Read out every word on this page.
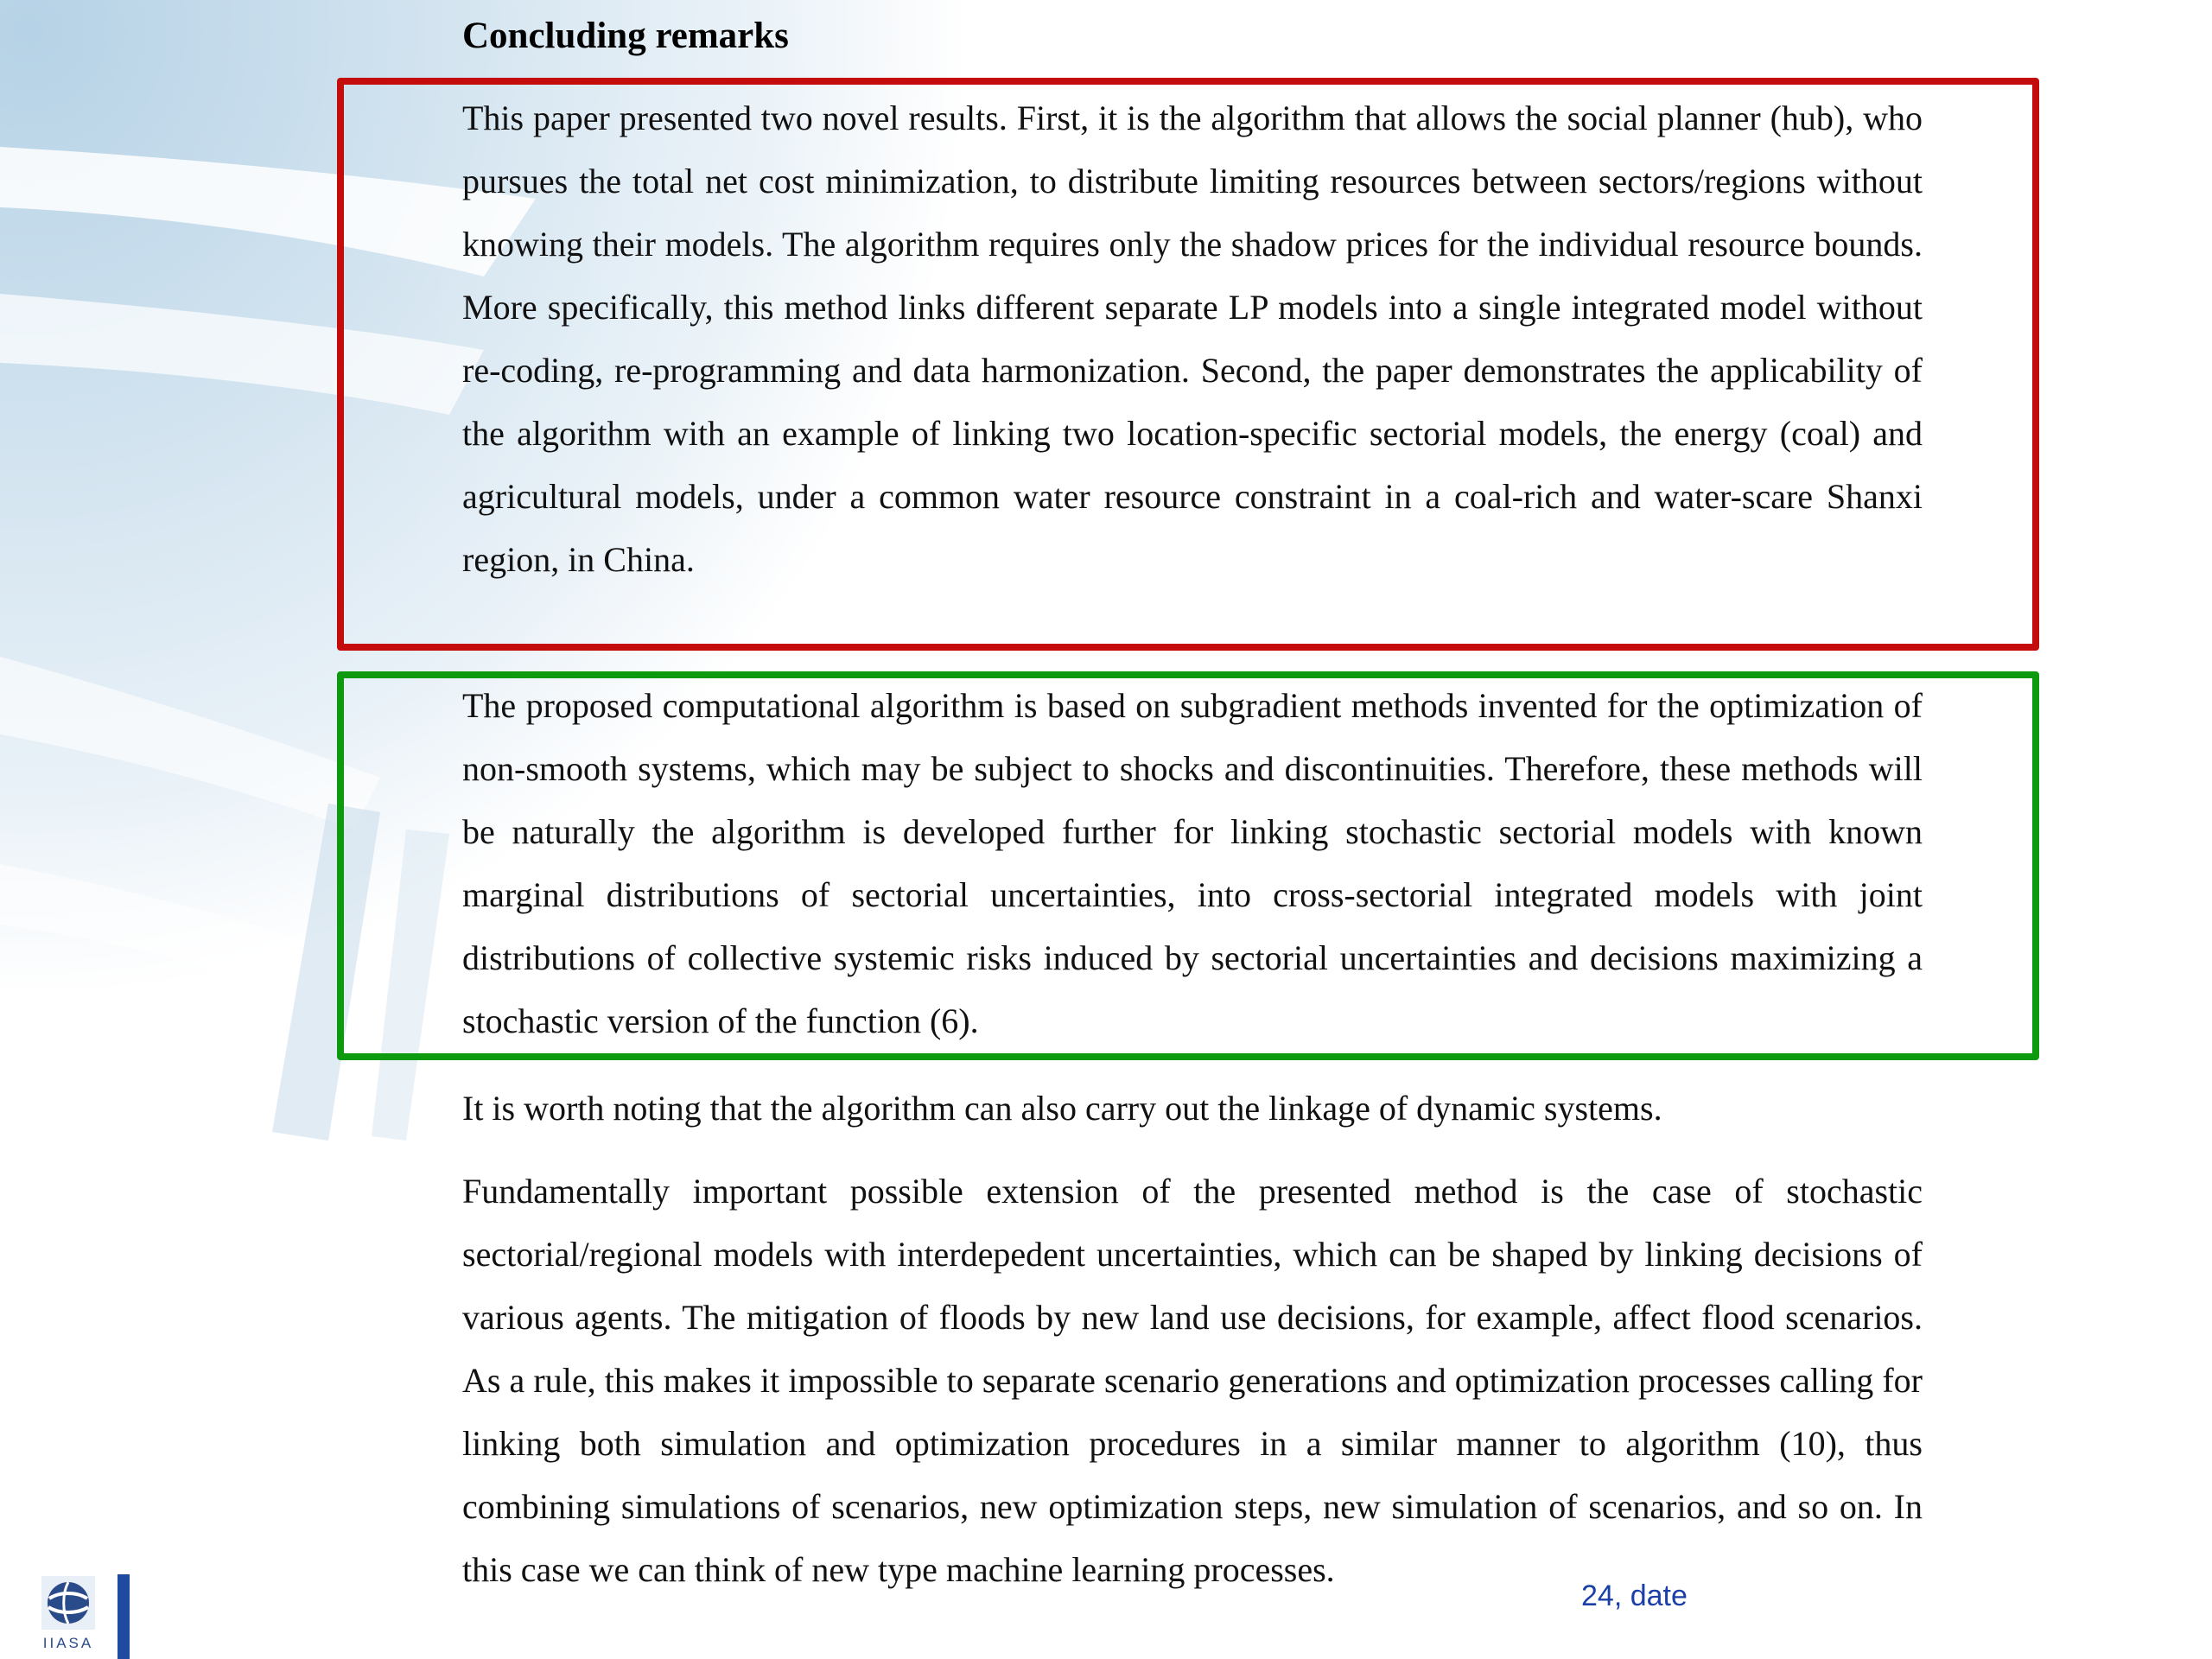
Concluding remarks

This paper presented two novel results. First, it is the algorithm that allows the social planner (hub), who pursues the total net cost minimization, to distribute limiting resources between sectors/regions without knowing their models. The algorithm requires only the shadow prices for the individual resource bounds. More specifically, this method links different separate LP models into a single integrated model without re-coding, re-programming and data harmonization. Second, the paper demonstrates the applicability of the algorithm with an example of linking two location-specific sectorial models, the energy (coal) and agricultural models, under a common water resource constraint in a coal-rich and water-scare Shanxi region, in China.

The proposed computational algorithm is based on subgradient methods invented for the optimization of non-smooth systems, which may be subject to shocks and discontinuities. Therefore, these methods will be naturally the algorithm is developed further for linking stochastic sectorial models with known marginal distributions of sectorial uncertainties, into cross-sectorial integrated models with joint distributions of collective systemic risks induced by sectorial uncertainties and decisions maximizing a stochastic version of the function (6).

It is worth noting that the algorithm can also carry out the linkage of dynamic systems.

Fundamentally important possible extension of the presented method is the case of stochastic sectorial/regional models with interdepedent uncertainties, which can be shaped by linking decisions of various agents. The mitigation of floods by new land use decisions, for example, affect flood scenarios. As a rule, this makes it impossible to separate scenario generations and optimization processes calling for linking both simulation and optimization procedures in a similar manner to algorithm (10), thus combining simulations of scenarios, new optimization steps, new simulation of scenarios, and so on. In this case we can think of new type machine learning processes.

24, date
IIASA
